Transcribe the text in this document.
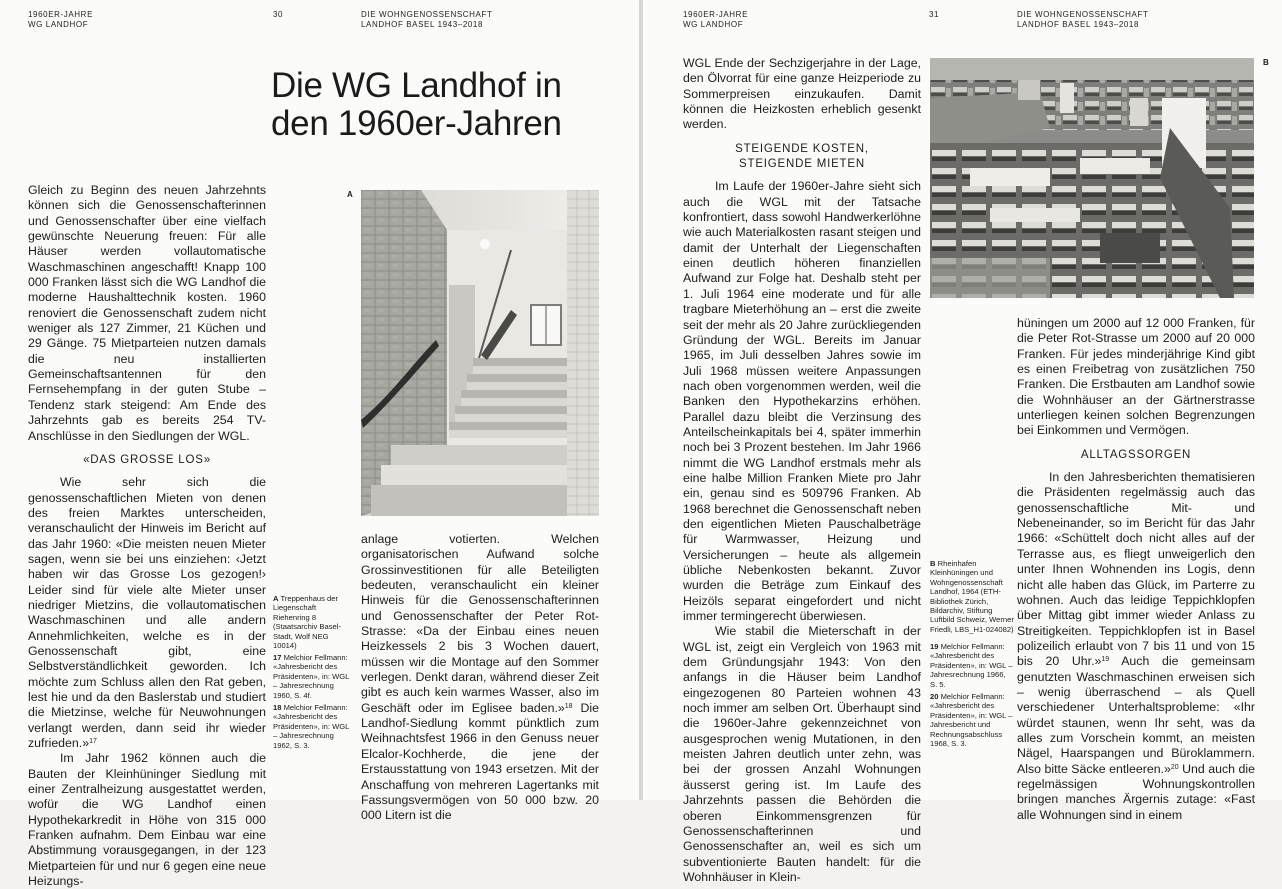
1960ER-JAHRE
WG LANDHOF
30	DIE WOHNGENOSSENSCHAFT
LANDHOF BASEL 1943–2018
Die WG Landhof in
den 1960er-Jahren

Gleich zu Beginn des neuen Jahrzehnts können sich die Genossenschafterinnen und Genossenschafter über eine vielfach gewünschte Neuerung freuen: Für alle Häuser werden vollautomatische Waschmaschinen angeschafft! Knapp 100 000 Franken lässt sich die WG Landhof die moderne Haushalttechnik kosten. 1960 renoviert die Genossenschaft zudem nicht weniger als 127 Zimmer, 21 Küchen und 29 Gänge. 75 Mietparteien nutzen damals die neu installierten Gemeinschaftsantennen für den Fernsehempfang in der guten Stube – Tendenz stark steigend: Am Ende des Jahrzehnts gab es bereits 254 TV-Anschlüsse in den Siedlungen der WGL.

«DAS GROSSE LOS»

Wie sehr sich die genossenschaftlichen Mieten von denen des freien Marktes unterscheiden, veranschaulicht der Hinweis im Bericht auf das Jahr 1960: «Die meisten neuen Mieter sagen, wenn sie bei uns einziehen: ‹Jetzt haben wir das Grosse Los gezogen!› Leider sind für viele alte Mieter unser niedriger Mietzins, die vollautomatischen Waschmaschinen und alle andern Annehmlichkeiten, welche es in der Genossenschaft gibt, eine Selbstverständlichkeit geworden. Ich möchte zum Schluss allen den Rat geben, lest hie und da den Baslerstab und studiert die Mietzinse, welche für Neuwohnungen verlangt werden, dann seid ihr wieder zufrieden.»$^{17}$

Im Jahr 1962 können auch die Bauten der Kleinhüninger Siedlung mit einer Zentralheizung ausgestattet werden, wofür die WG Landhof einen Hypothekarkredit in Höhe von 315 000 Franken aufnahm. Dem Einbau war eine Abstimmung vorausgegangen, in der 123 Mietparteien für und nur 6 gegen eine neue Heizungs-

A

A Treppenhaus der Liegenschaft Riehenring 8 (Staatsarchiv Basel-Stadt, Wolf NEG 10014)

17 Melchior Fellmann: «Jahresbericht des Präsidenten», in: WGL – Jahresrechnung 1960, S. 4f.

18 Melchior Fellmann: «Jahresbericht des Präsidenten», in: WGL – Jahresrechnung 1962, S. 3.

anlage votierten. Welchen organisatorischen Aufwand solche Grossinvestitionen für alle Beteiligten bedeuten, veranschaulicht ein kleiner Hinweis für die Genossenschafterinnen und Genossenschafter der Peter Rot-Strasse: «Da der Einbau eines neuen Heizkessels 2 bis 3 Wochen dauert, müssen wir die Montage auf den Sommer verlegen. Denkt daran, während dieser Zeit gibt es auch kein warmes Wasser, also im Geschäft oder im Eglisee baden.»$^{18}$ Die Landhof-Siedlung kommt pünktlich zum Weihnachtsfest 1966 in den Genuss neuer Elcalor-Kochherde, die jene der Erstausstattung von 1943 ersetzen. Mit der Anschaffung von mehreren Lagertanks mit Fassungsvermögen von 50 000 bzw. 20 000 Litern ist die

1960ER-JAHRE
WG LANDHOF
31	DIE WOHNGENOSSENSCHAFT
LANDHOF BASEL 1943–2018

WGL Ende der Sechzigerjahre in der Lage, den Ölvorrat für eine ganze Heizperiode zu Sommerpreisen einzukaufen. Damit können die Heizkosten erheblich gesenkt werden.

STEIGENDE KOSTEN, STEIGENDE MIETEN

Im Laufe der 1960er-Jahre sieht sich auch die WGL mit der Tatsache konfrontiert, dass sowohl Handwerkerlöhne wie auch Materialkosten rasant steigen und damit der Unterhalt der Liegenschaften einen deutlich höheren finanziellen Aufwand zur Folge hat. Deshalb steht per 1. Juli 1964 eine moderate und für alle tragbare Mieterhöhung an – erst die zweite seit der mehr als 20 Jahre zurückliegenden Gründung der WGL. Bereits im Januar 1965, im Juli desselben Jahres sowie im Juli 1968 müssen weitere Anpassungen nach oben vorgenommen werden, weil die Banken den Hypothekarzins erhöhen. Parallel dazu bleibt die Verzinsung des Anteilscheinkapitals bei 4, später immerhin noch bei 3 Prozent bestehen. Im Jahr 1966 nimmt die WG Landhof erstmals mehr als eine halbe Million Franken Miete pro Jahr ein, genau sind es 509796 Franken. Ab 1968 berechnet die Genossenschaft neben den eigentlichen Mieten Pauschalbeträge für Warmwasser, Heizung und Versicherungen – heute als allgemein übliche Nebenkosten bekannt. Zuvor wurden die Beträge zum Einkauf des Heizöls separat eingefordert und nicht immer termingerecht überwiesen.

Wie stabil die Mieterschaft in der WGL ist, zeigt ein Vergleich von 1963 mit dem Gründungsjahr 1943: Von den anfangs in die Häuser beim Landhof eingezogenen 80 Parteien wohnen 43 noch immer am selben Ort. Überhaupt sind die 1960er-Jahre gekennzeichnet von ausgesprochen wenig Mutationen, in den meisten Jahren deutlich unter zehn, was bei der grossen Anzahl Wohnungen äusserst gering ist. Im Laufe des Jahrzehnts passen die Behörden die oberen Einkommensgrenzen für Genossenschafterinnen und Genossenschafter an, weil es sich um subventionierte Bauten handelt: für die Wohnhäuser in Klein-

B

B Rheinhafen Kleinhüningen und Wohngenossenschaft Landhof, 1964 (ETH-Bibliothek Zürich, Bildarchiv, Stiftung Luftbild Schweiz, Werner Friedli, LBS_H1-024082)

19 Melchior Fellmann: «Jahresbericht des Präsidenten», in: WGL – Jahresrechnung 1966, S. 5.

20 Melchior Fellmann: «Jahresbericht des Präsidenten», in: WGL – Jahresbericht und Rechnungsabschluss 1968, S. 3.

hüningen um 2000 auf 12 000 Franken, für die Peter Rot-Strasse um 2000 auf 20 000 Franken. Für jedes minderjährige Kind gibt es einen Freibetrag von zusätzlichen 750 Franken. Die Erstbauten am Landhof sowie die Wohnhäuser an der Gärtnerstrasse unterliegen keinen solchen Begrenzungen bei Einkommen und Vermögen.

ALLTAGSSORGEN

In den Jahresberichten thematisieren die Präsidenten regelmässig auch das genossenschaftliche Mit- und Nebeneinander, so im Bericht für das Jahr 1966: «Schüttelt doch nicht alles auf der Terrasse aus, es fliegt unweigerlich den unter Ihnen Wohnenden ins Logis, denn nicht alle haben das Glück, im Parterre zu wohnen. Auch das leidige Teppichklopfen über Mittag gibt immer wieder Anlass zu Streitigkeiten. Teppichklopfen ist in Basel polizeilich erlaubt von 7 bis 11 und von 15 bis 20 Uhr.»$^{19}$ Auch die gemeinsam genutzten Waschmaschinen erweisen sich – wenig überraschend – als Quell verschiedener Unterhaltsprobleme: «Ihr würdet staunen, wenn Ihr seht, was da alles zum Vorschein kommt, an meisten Nägel, Haarspangen und Büroklammern. Also bitte Säcke entleeren.»$^{20}$ Und auch die regelmässigen Wohnungskontrollen bringen manches Ärgernis zutage: «Fast alle Wohnungen sind in einem
